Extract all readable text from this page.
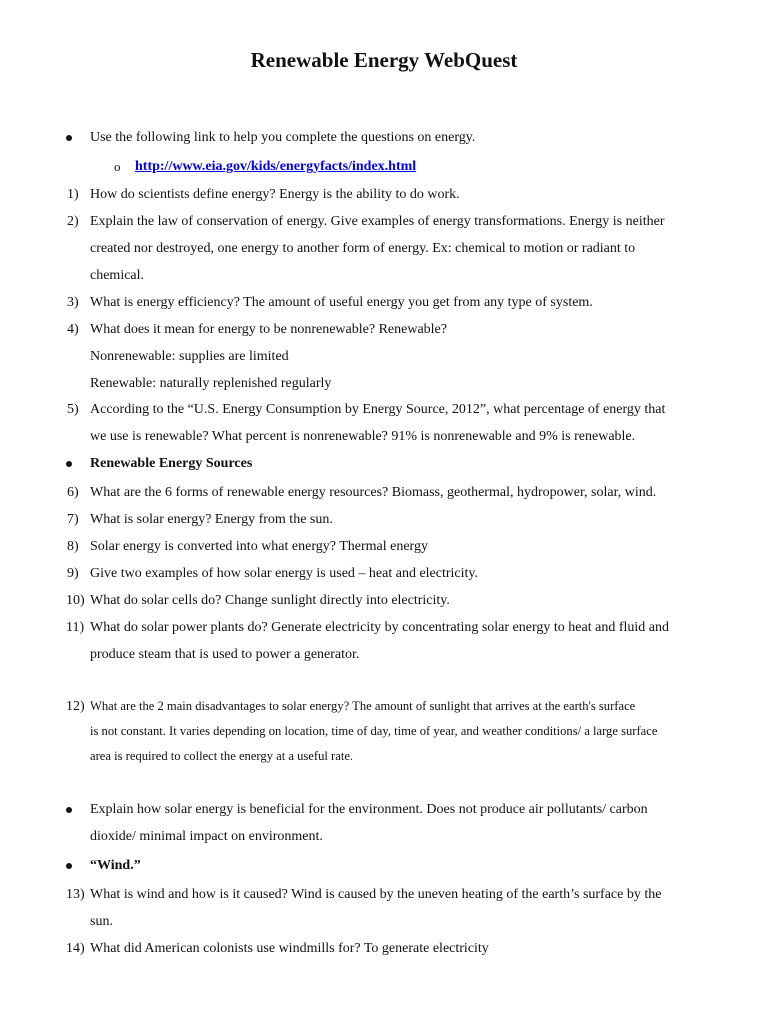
Renewable Energy WebQuest
Use the following link to help you complete the questions on energy.
o http://www.eia.gov/kids/energyfacts/index.html
1) How do scientists define energy? Energy is the ability to do work.
2) Explain the law of conservation of energy. Give examples of energy transformations. Energy is neither
created nor destroyed, one energy to another form of energy. Ex: chemical to motion or radiant to
chemical.
3) What is energy efficiency? The amount of useful energy you get from any type of system.
4) What does it mean for energy to be nonrenewable? Renewable?
Nonrenewable: supplies are limited
Renewable: naturally replenished regularly
5) According to the “U.S. Energy Consumption by Energy Source, 2012”, what percentage of energy that
we use is renewable? What percent is nonrenewable? 91% is nonrenewable and 9% is renewable.
Renewable Energy Sources
6) What are the 6 forms of renewable energy resources? Biomass, geothermal, hydropower, solar, wind.
7) What is solar energy? Energy from the sun.
8) Solar energy is converted into what energy? Thermal energy
9) Give two examples of how solar energy is used – heat and electricity.
10) What do solar cells do? Change sunlight directly into electricity.
11) What do solar power plants do? Generate electricity by concentrating solar energy to heat and fluid and
produce steam that is used to power a generator.
12) What are the 2 main disadvantages to solar energy? The amount of sunlight that arrives at the earth's surface
is not constant. It varies depending on location, time of day, time of year, and weather conditions/ a large surface
area is required to collect the energy at a useful rate.
Explain how solar energy is beneficial for the environment. Does not produce air pollutants/ carbon
dioxide/ minimal impact on environment.
“Wind.”
13) What is wind and how is it caused? Wind is caused by the uneven heating of the earth’s surface by the
sun.
14) What did American colonists use windmills for? To generate electricity
